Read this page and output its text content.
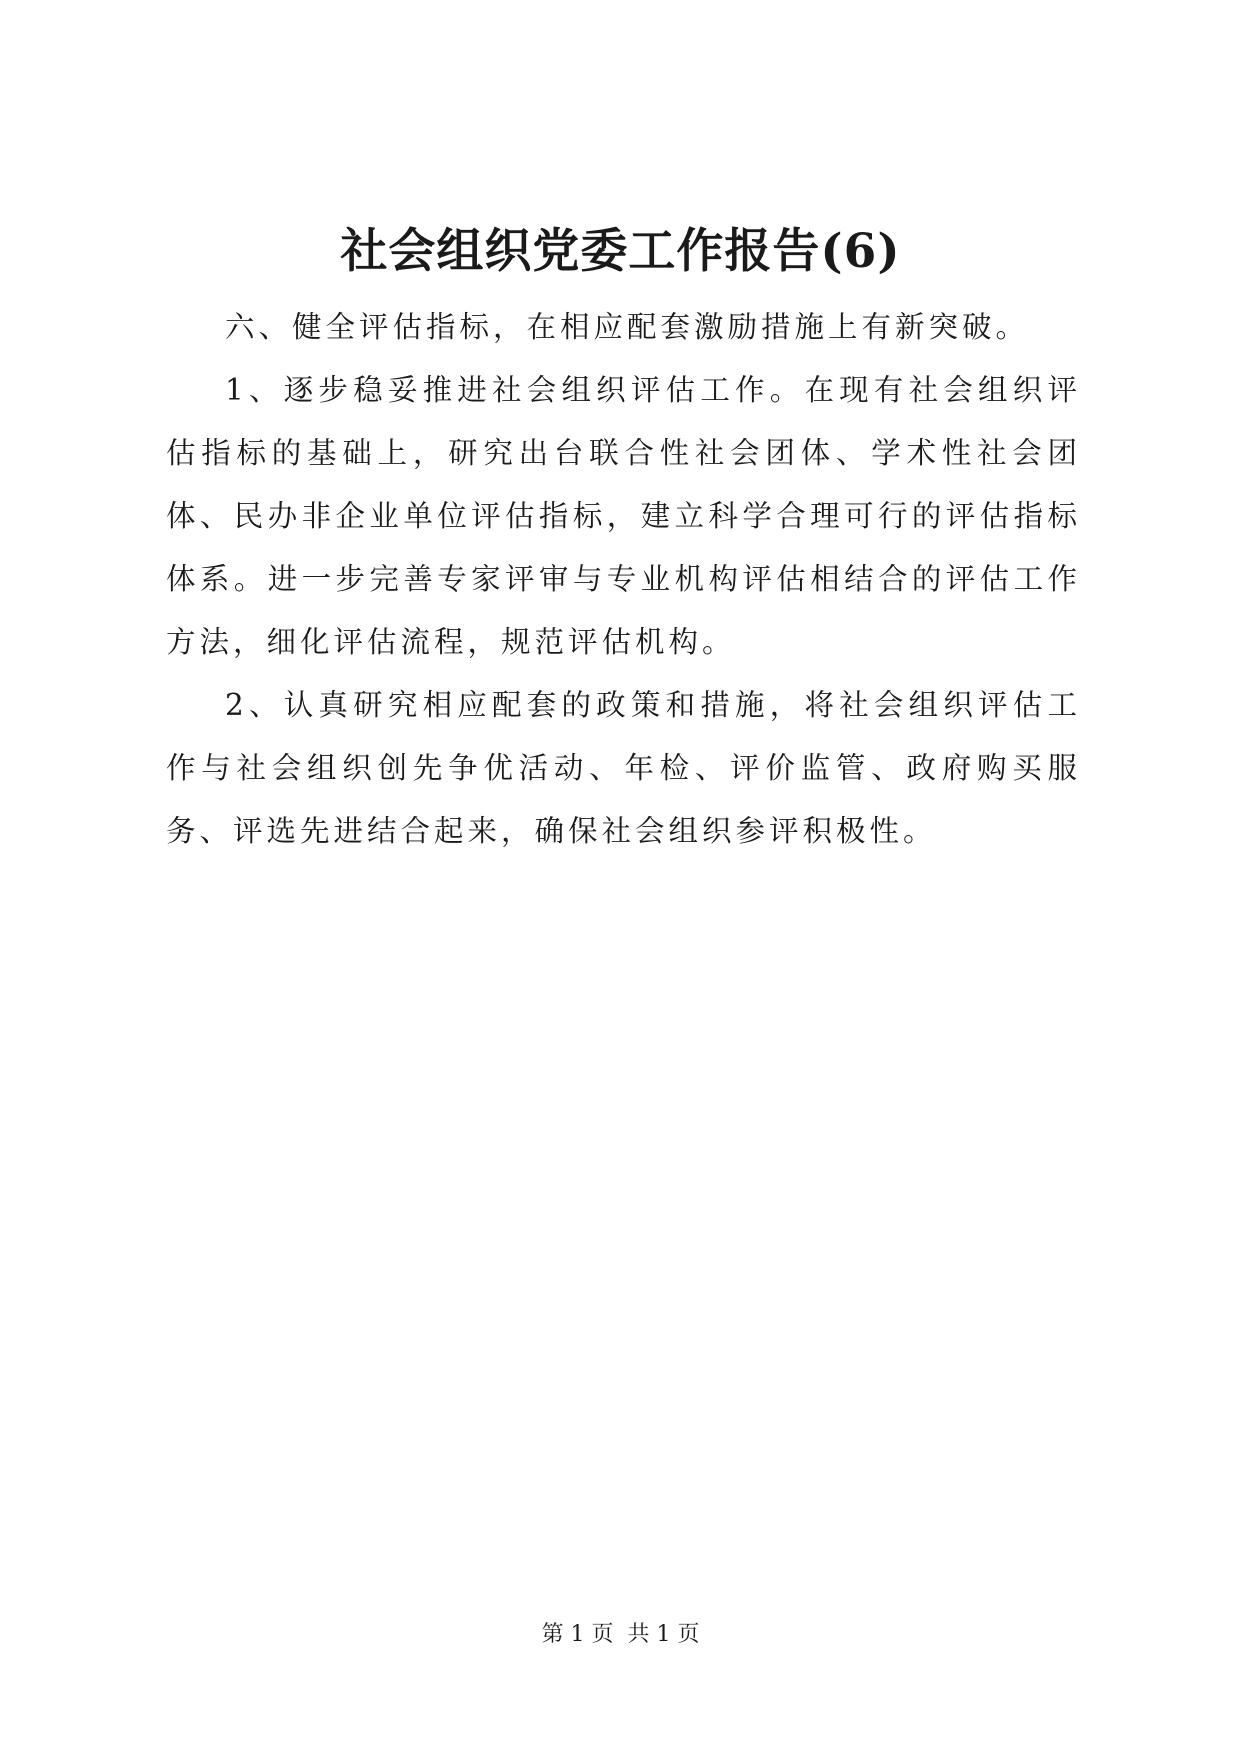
社会组织党委工作报告(6)

六、健全评估指标，在相应配套激励措施上有新突破。

1、逐步稳妥推进社会组织评估工作。在现有社会组织评估指标的基础上，研究出台联合性社会团体、学术性社会团体、民办非企业单位评估指标，建立科学合理可行的评估指标体系。进一步完善专家评审与专业机构评估相结合的评估工作方法，细化评估流程，规范评估机构。

2、认真研究相应配套的政策和措施，将社会组织评估工作与社会组织创先争优活动、年检、评价监管、政府购买服务、评选先进结合起来，确保社会组织参评积极性。

第 1 页  共 1 页
